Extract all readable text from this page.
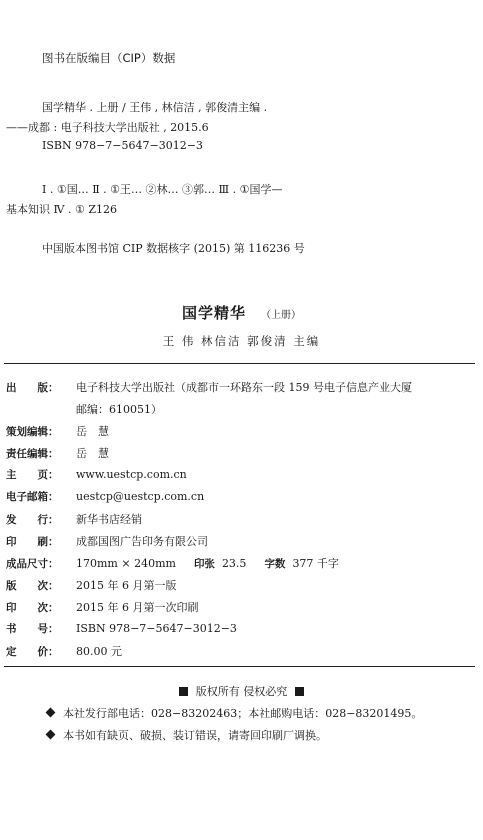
图书在版编目（CIP）数据
国学精华 . 上册 / 王伟 , 林信洁 , 郭俊清主编 .
——成都 : 电子科技大学出版社 , 2015.6
ISBN 978−7−5647−3012−3
Ⅰ . ①国… Ⅱ . ①王… ②林… ③郭… Ⅲ . ①国学—
基本知识 Ⅳ . ① Z126
中国版本图书馆 CIP 数据核字 (2015) 第 116236 号
国学精华 （上册）
王 伟 林信洁 郭俊清 主编
出　　版： 电子科技大学出版社（成都市一环路东一段 159 号电子信息产业大厦
邮编：610051）
策划编辑： 岳　慧
责任编辑： 岳　慧
主　　页： www.uestcp.com.cn
电子邮箱： uestcp@uestcp.com.cn
发　　行： 新华书店经销
印　　刷： 成都国图广告印务有限公司
成品尺寸： 170mm × 240mm 印张 23.5 字数 377 千字
版　　次： 2015 年 6 月第一版
印　　次： 2015 年 6 月第一次印刷
书　　号： ISBN 978−7−5647−3012−3
定　　价： 80.00 元
版权所有 侵权必究
本社发行部电话：028−83202463；本社邮购电话：028−83201495。
本书如有缺页、破损、装订错误，请寄回印刷厂调换。
